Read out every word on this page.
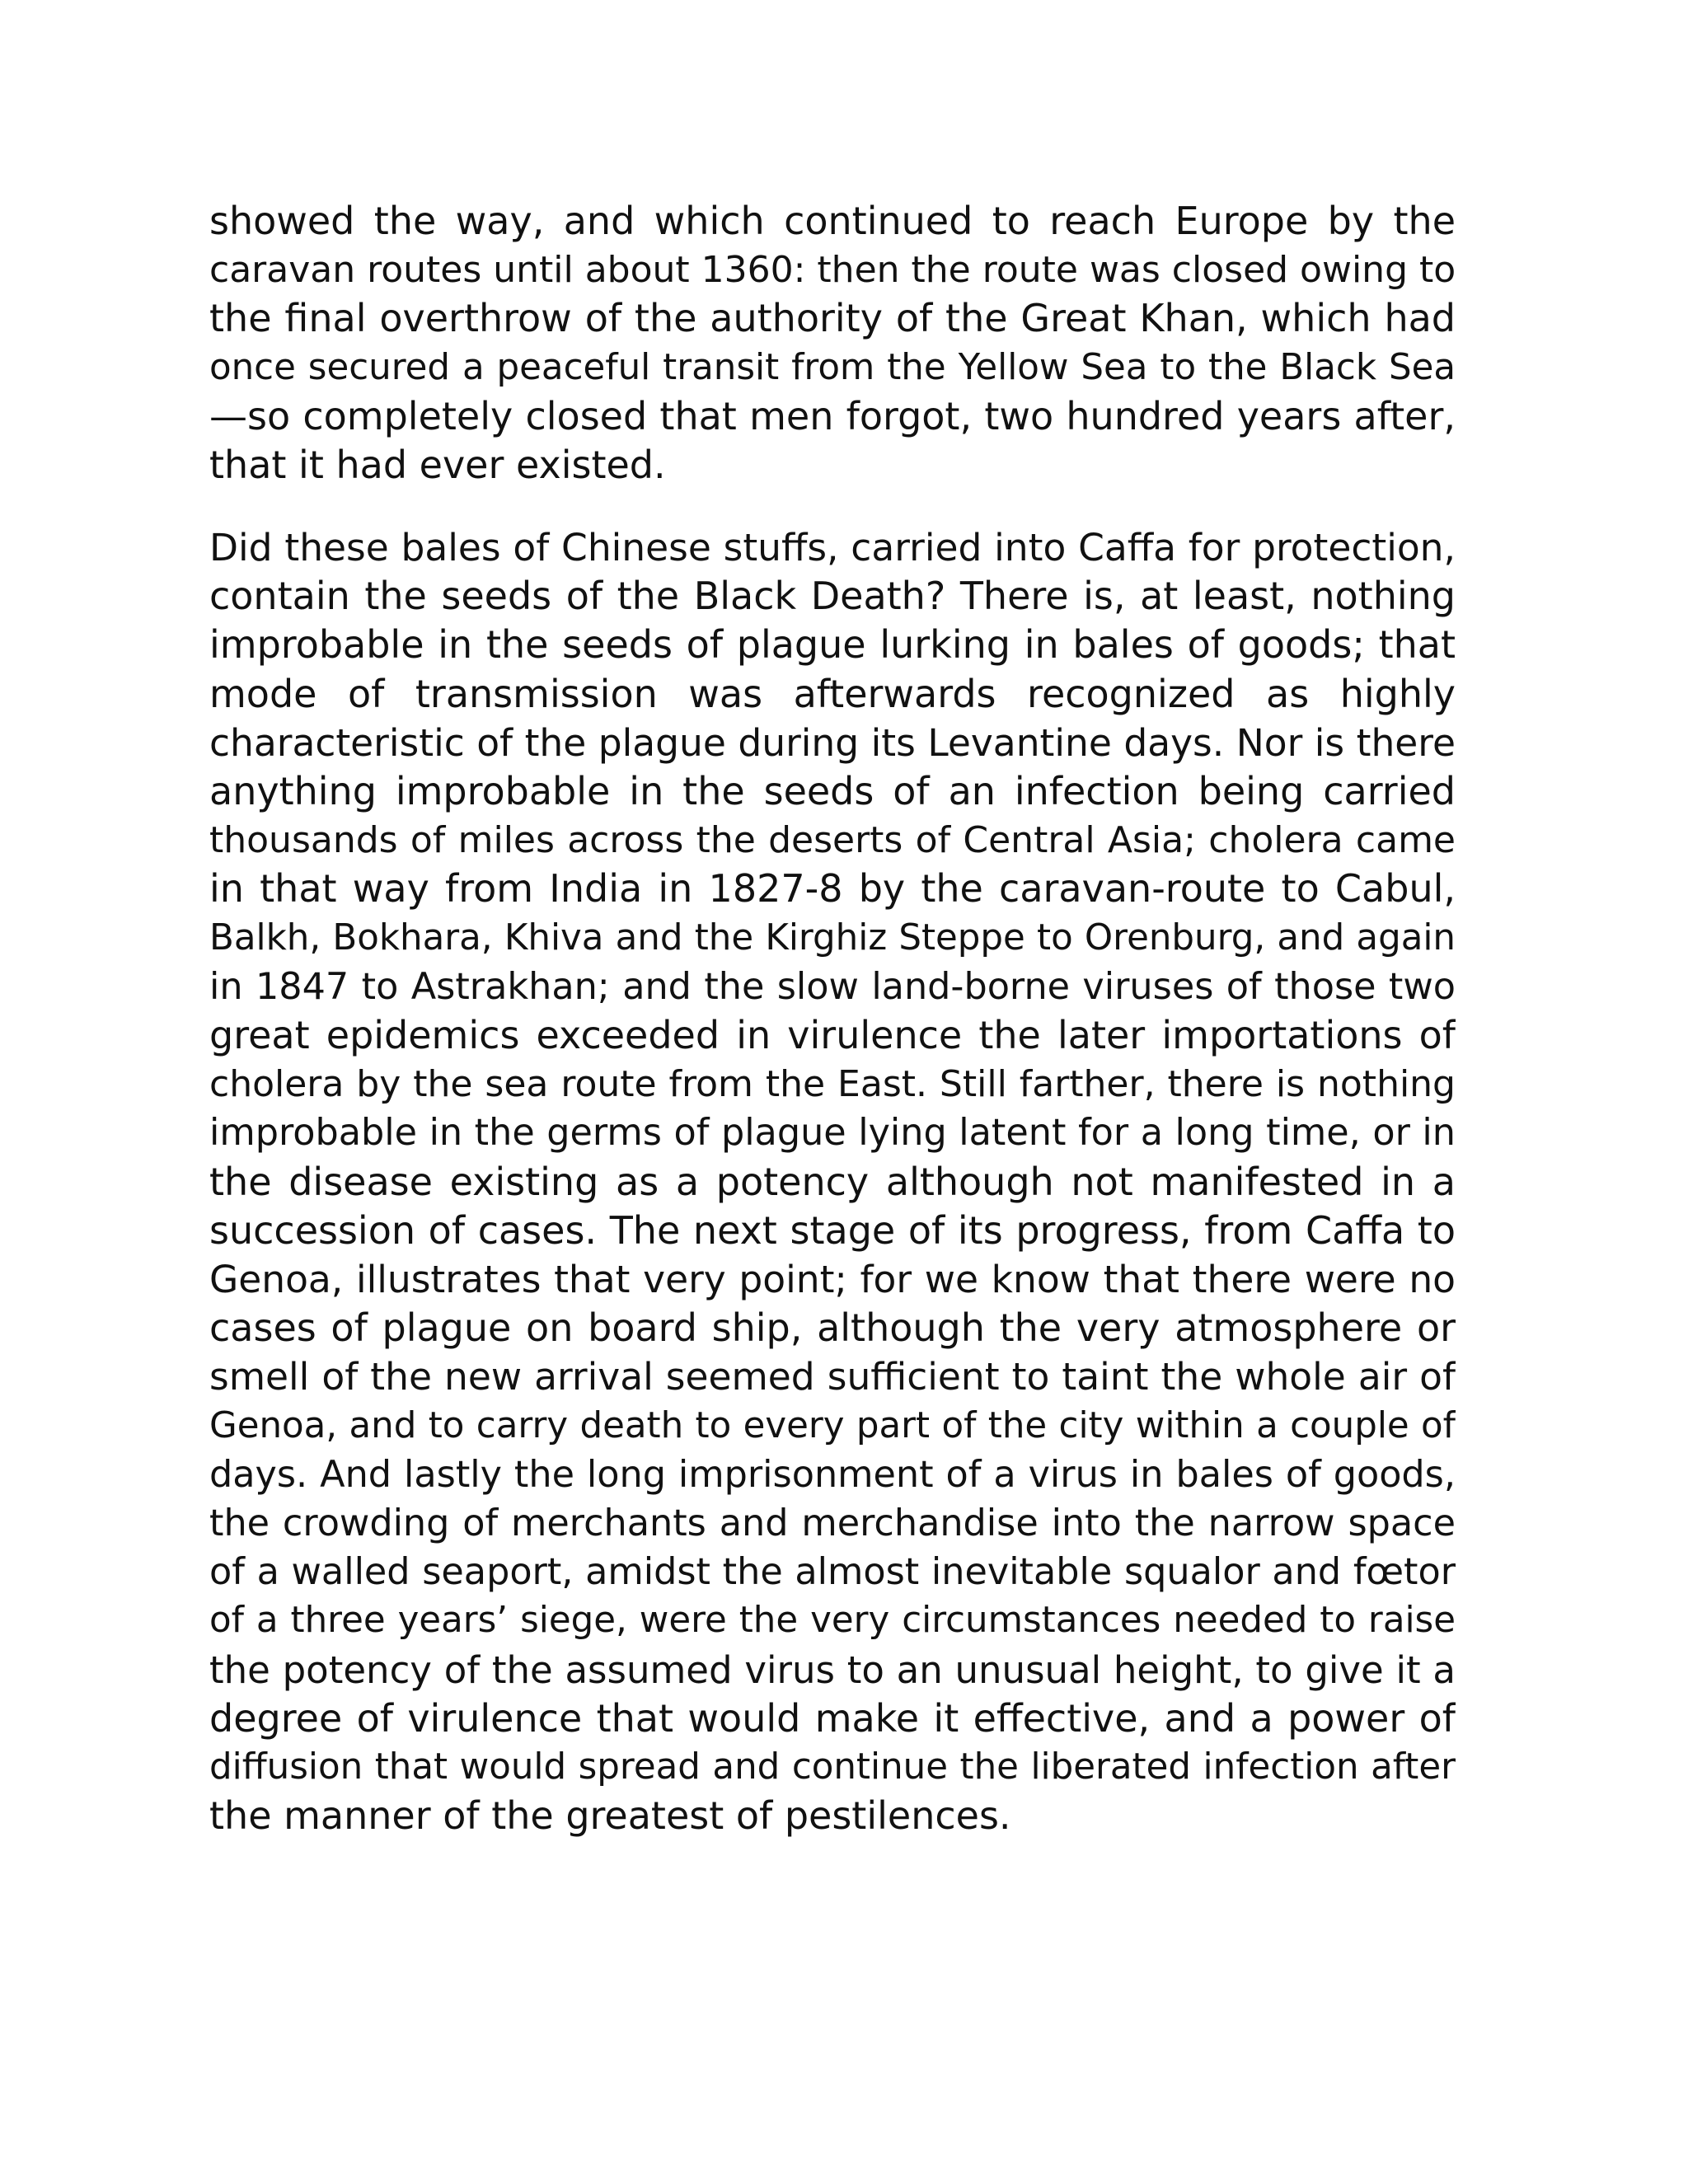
showed the way, and which continued to reach Europe by the
caravan routes until about 1360: then the route was closed owing to
the final overthrow of the authority of the Great Khan, which had
once secured a peaceful transit from the Yellow Sea to the Black Sea
—so completely closed that men forgot, two hundred years after,
that it had ever existed.
Did these bales of Chinese stuffs, carried into Caffa for protection,
contain the seeds of the Black Death? There is, at least, nothing
improbable in the seeds of plague lurking in bales of goods; that
mode of transmission was afterwards recognized as highly
characteristic of the plague during its Levantine days. Nor is there
anything improbable in the seeds of an infection being carried
thousands of miles across the deserts of Central Asia; cholera came
in that way from India in 1827-8 by the caravan-route to Cabul,
Balkh, Bokhara, Khiva and the Kirghiz Steppe to Orenburg, and again
in 1847 to Astrakhan; and the slow land-borne viruses of those two
great epidemics exceeded in virulence the later importations of
cholera by the sea route from the East. Still farther, there is nothing
improbable in the germs of plague lying latent for a long time, or in
the disease existing as a potency although not manifested in a
succession of cases. The next stage of its progress, from Caffa to
Genoa, illustrates that very point; for we know that there were no
cases of plague on board ship, although the very atmosphere or
smell of the new arrival seemed sufficient to taint the whole air of
Genoa, and to carry death to every part of the city within a couple of
days. And lastly the long imprisonment of a virus in bales of goods,
the crowding of merchants and merchandise into the narrow space
of a walled seaport, amidst the almost inevitable squalor and fœtor
of a three years’ siege, were the very circumstances needed to raise
the potency of the assumed virus to an unusual height, to give it a
degree of virulence that would make it effective, and a power of
diffusion that would spread and continue the liberated infection after
the manner of the greatest of pestilences.
